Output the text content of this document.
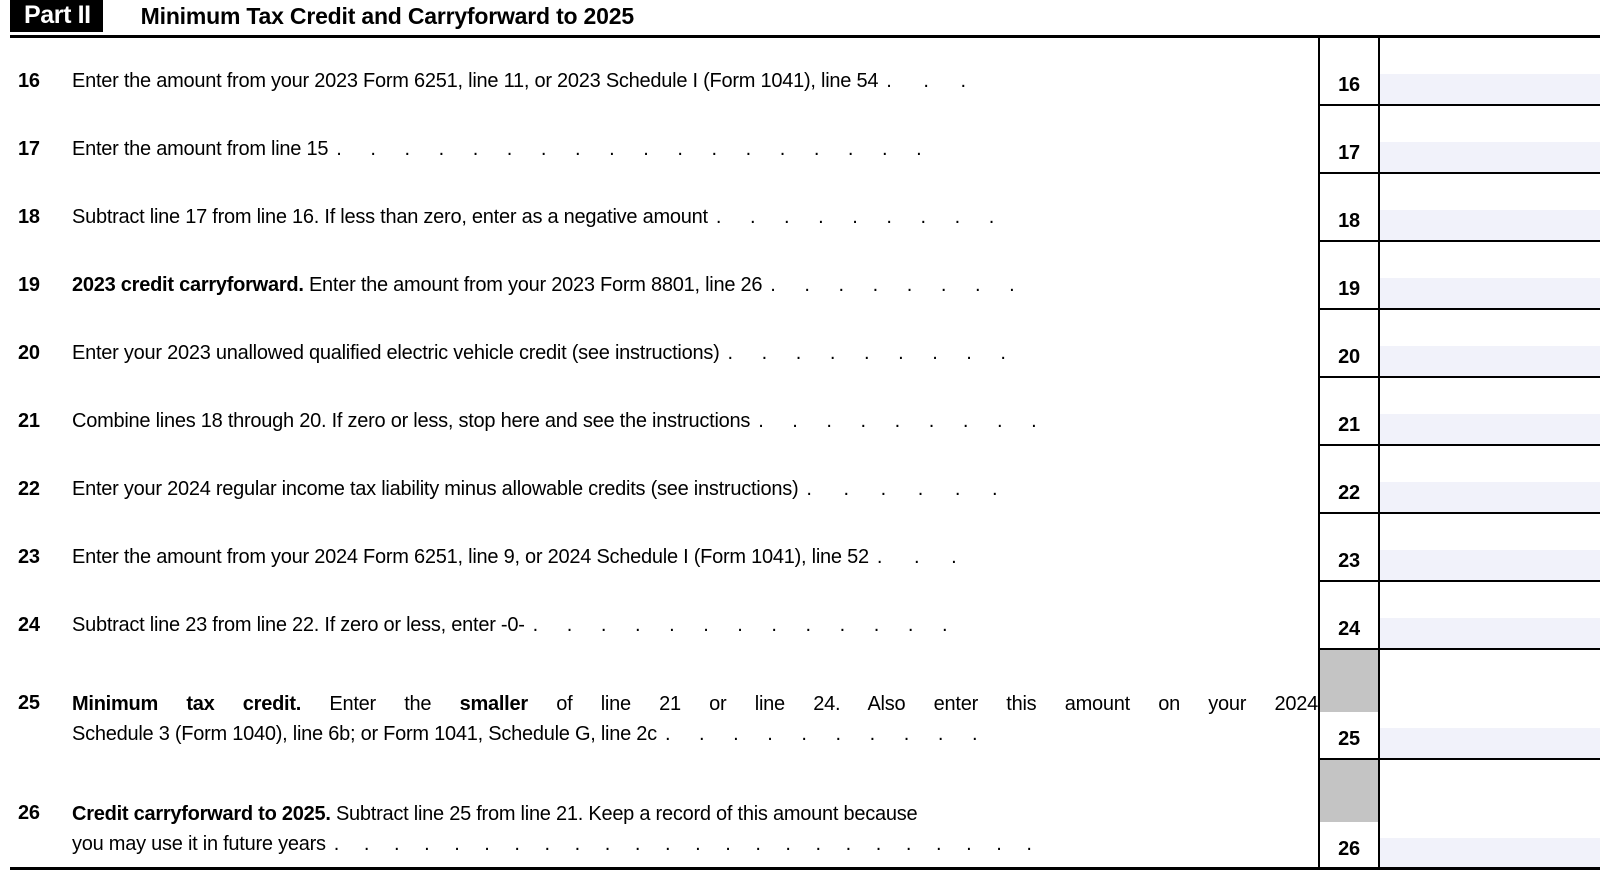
Part II	Minimum Tax Credit and Carryforward to 2025
16	Enter the amount from your 2023 Form 6251, line 11, or 2023 Schedule I (Form 1041), line 54 . . .	16
17	Enter the amount from line 15 . . . . . . . . . . . . . . . . . .	17
18	Subtract line 17 from line 16. If less than zero, enter as a negative amount . . . . . . . . .	18
19	2023 credit carryforward. Enter the amount from your 2023 Form 8801, line 26 . . . . . . . .	19
20	Enter your 2023 unallowed qualified electric vehicle credit (see instructions) . . . . . . . . .	20
21	Combine lines 18 through 20. If zero or less, stop here and see the instructions . . . . . . . . .	21
22	Enter your 2024 regular income tax liability minus allowable credits (see instructions) . . . . . .	22
23	Enter the amount from your 2024 Form 6251, line 9, or 2024 Schedule I (Form 1041), line 52 . . .	23
24	Subtract line 23 from line 22. If zero or less, enter -0- . . . . . . . . . . . . .	24
25	Minimum tax credit. Enter the smaller of line 21 or line 24. Also enter this amount on your 2024
Schedule 3 (Form 1040), line 6b; or Form 1041, Schedule G, line 2c . . . . . . . . . .	25
26	Credit carryforward to 2025. Subtract line 25 from line 21. Keep a record of this amount because
you may use it in future years . . . . . . . . . . . . . . . . . . . . . . . .	26
